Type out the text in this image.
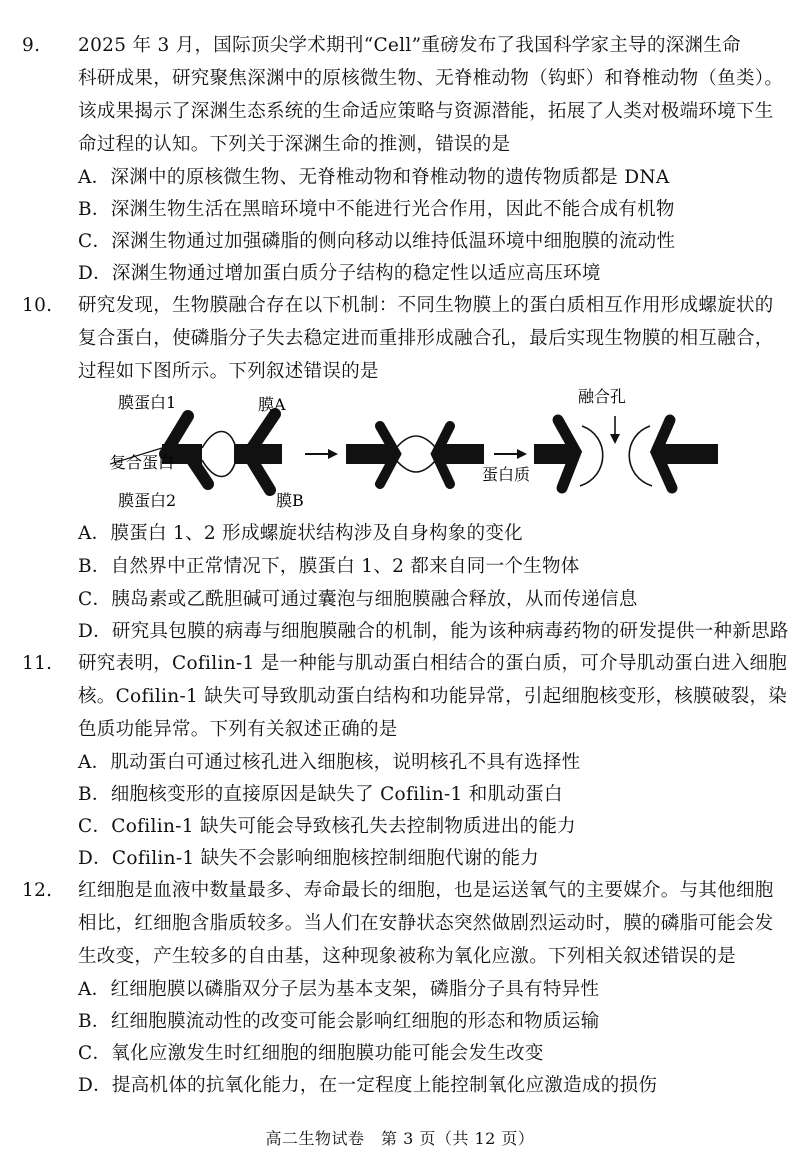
9. 2025 年 3 月，国际顶尖学术期刊“Cell”重磅发布了我国科学家主导的深渊生命
科研成果，研究聚焦深渊中的原核微生物、无脊椎动物（钩虾）和脊椎动物（鱼类）。
该成果揭示了深渊生态系统的生命适应策略与资源潜能，拓展了人类对极端环境下生
命过程的认知。下列关于深渊生命的推测，错误的是
A．深渊中的原核微生物、无脊椎动物和脊椎动物的遗传物质都是 DNA
B．深渊生物生活在黑暗环境中不能进行光合作用，因此不能合成有机物
C．深渊生物通过加强磷脂的侧向移动以维持低温环境中细胞膜的流动性
D．深渊生物通过增加蛋白质分子结构的稳定性以适应高压环境
10. 研究发现，生物膜融合存在以下机制：不同生物膜上的蛋白质相互作用形成螺旋状的
复合蛋白，使磷脂分子失去稳定进而重排形成融合孔，最后实现生物膜的相互融合，
过程如下图所示。下列叙述错误的是
膜蛋白1	膜A
复合蛋白
膜蛋白2	膜B
融合孔
蛋白质
A．膜蛋白 1、2 形成螺旋状结构涉及自身构象的变化
B．自然界中正常情况下，膜蛋白 1、2 都来自同一个生物体
C．胰岛素或乙酰胆碱可通过囊泡与细胞膜融合释放，从而传递信息
D．研究具包膜的病毒与细胞膜融合的机制，能为该种病毒药物的研发提供一种新思路
11. 研究表明，Cofilin-1 是一种能与肌动蛋白相结合的蛋白质，可介导肌动蛋白进入细胞
核。Cofilin-1 缺失可导致肌动蛋白结构和功能异常，引起细胞核变形，核膜破裂，染
色质功能异常。下列有关叙述正确的是
A．肌动蛋白可通过核孔进入细胞核，说明核孔不具有选择性
B．细胞核变形的直接原因是缺失了 Cofilin-1 和肌动蛋白
C．Cofilin-1 缺失可能会导致核孔失去控制物质进出的能力
D．Cofilin-1 缺失不会影响细胞核控制细胞代谢的能力
12. 红细胞是血液中数量最多、寿命最长的细胞，也是运送氧气的主要媒介。与其他细胞
相比，红细胞含脂质较多。当人们在安静状态突然做剧烈运动时，膜的磷脂可能会发
生改变，产生较多的自由基，这种现象被称为氧化应激。下列相关叙述错误的是
A．红细胞膜以磷脂双分子层为基本支架，磷脂分子具有特异性
B．红细胞膜流动性的改变可能会影响红细胞的形态和物质运输
C．氧化应激发生时红细胞的细胞膜功能可能会发生改变
D．提高机体的抗氧化能力，在一定程度上能控制氧化应激造成的损伤
高二生物试卷　第 3 页（共 12 页）
